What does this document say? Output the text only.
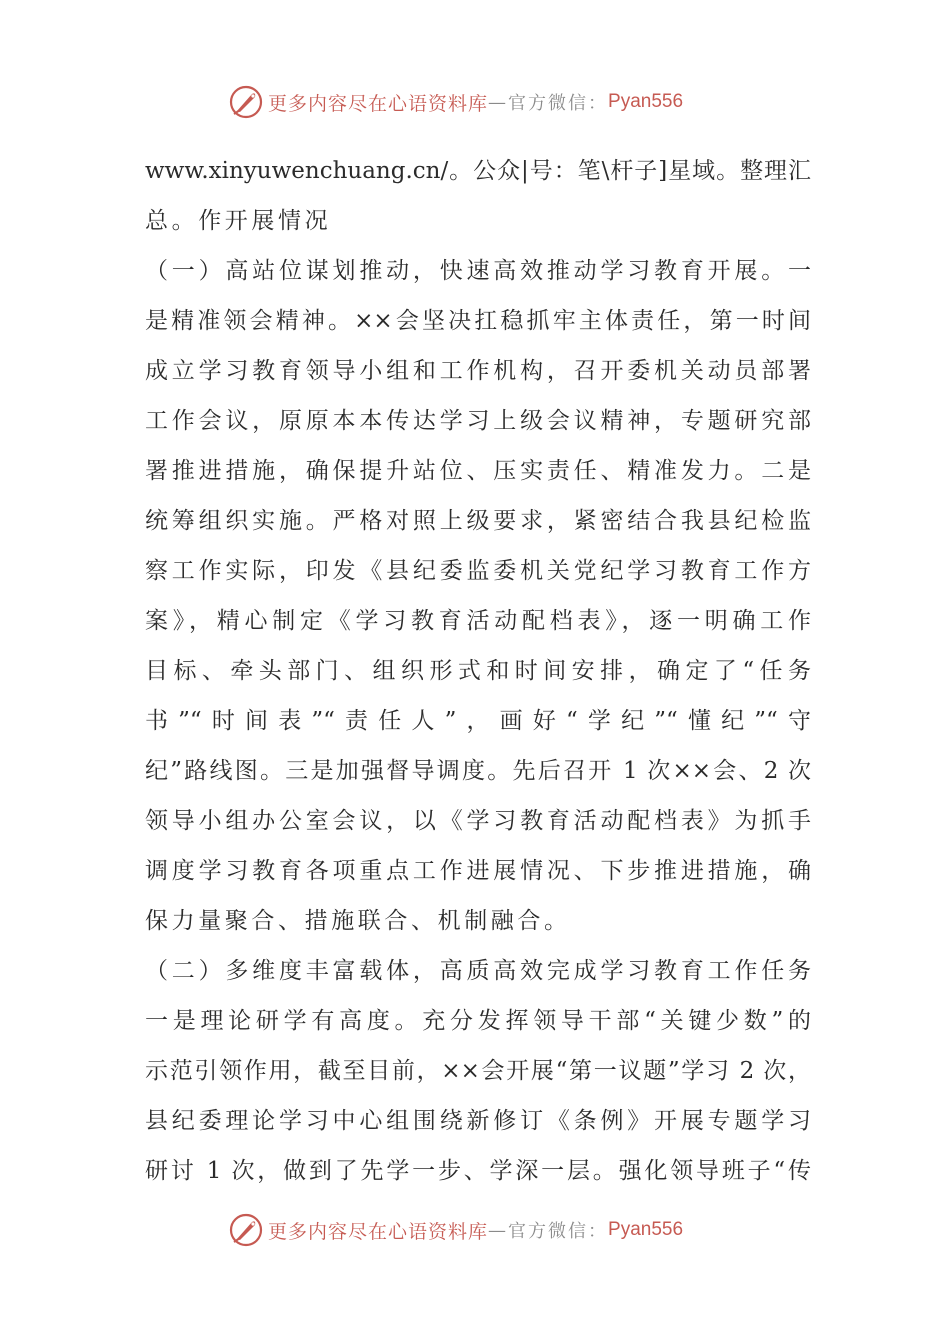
更多内容尽在心语资料库 — 官方微信： Pyan556
www.xinyuwenchuang.cn/。公众|号：笔\杆子]星域。整理汇
总。作开展情况
（一）高站位谋划推动，快速高效推动学习教育开展。一
是精准领会精神。××会坚决扛稳抓牢主体责任，第一时间
成立学习教育领导小组和工作机构，召开委机关动员部署
工作会议，原原本本传达学习上级会议精神，专题研究部
署推进措施，确保提升站位、压实责任、精准发力。二是
统筹组织实施。严格对照上级要求，紧密结合我县纪检监
察工作实际，印发《县纪委监委机关党纪学习教育工作方
案》，精心制定《学习教育活动配档表》，逐一明确工作
目标、牵头部门、组织形式和时间安排，确定了“任务
书”“时间表”“责任人”，画好“学纪”“懂纪”“守
纪”路线图。三是加强督导调度。先后召开 1 次××会、2 次
领导小组办公室会议，以《学习教育活动配档表》为抓手
调度学习教育各项重点工作进展情况、下步推进措施，确
保力量聚合、措施联合、机制融合。
（二）多维度丰富载体，高质高效完成学习教育工作任务
一是理论研学有高度。充分发挥领导干部“关键少数”的
示范引领作用，截至目前，××会开展“第一议题”学习 2 次，
县纪委理论学习中心组围绕新修订《条例》开展专题学习
研讨 1 次，做到了先学一步、学深一层。强化领导班子“传
更多内容尽在心语资料库 — 官方微信： Pyan556
